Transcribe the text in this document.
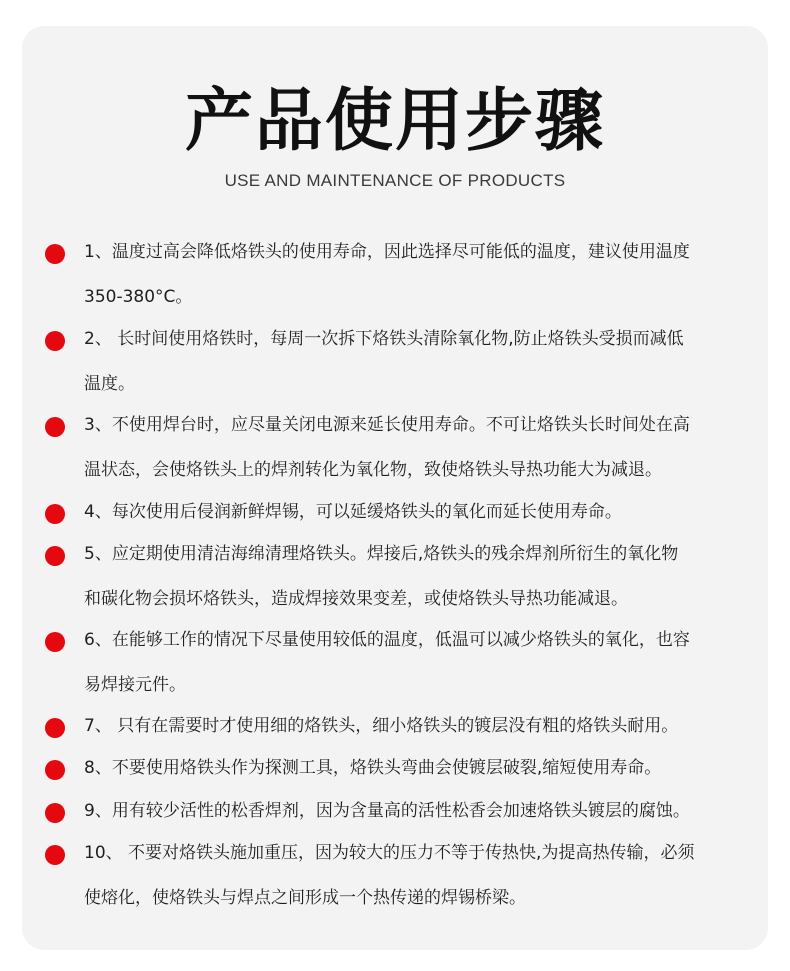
产品使用步骤
USE AND MAINTENANCE OF PRODUCTS
1、温度过高会降低烙铁头的使用寿命，因此选择尽可能低的温度，建议使用温度
350-380°C。
2、 长时间使用烙铁时，每周一次拆下烙铁头清除氧化物,防止烙铁头受损而减低
温度。
3、不使用焊台时，应尽量关闭电源来延长使用寿命。不可让烙铁头长时间处在高
温状态，会使烙铁头上的焊剂转化为氧化物，致使烙铁头导热功能大为减退。
4、每次使用后侵润新鲜焊锡，可以延缓烙铁头的氧化而延长使用寿命。
5、应定期使用清洁海绵清理烙铁头。焊接后,烙铁头的残余焊剂所衍生的氧化物
和碳化物会损坏烙铁头，造成焊接效果变差，或使烙铁头导热功能减退。
6、在能够工作的情况下尽量使用较低的温度，低温可以减少烙铁头的氧化，也容
易焊接元件。
7、 只有在需要时才使用细的烙铁头，细小烙铁头的镀层没有粗的烙铁头耐用。
8、不要使用烙铁头作为探测工具，烙铁头弯曲会使镀层破裂,缩短使用寿命。
9、用有较少活性的松香焊剂，因为含量高的活性松香会加速烙铁头镀层的腐蚀。
10、 不要对烙铁头施加重压，因为较大的压力不等于传热快,为提高热传输，必须
使熔化，使烙铁头与焊点之间形成一个热传递的焊锡桥梁。
